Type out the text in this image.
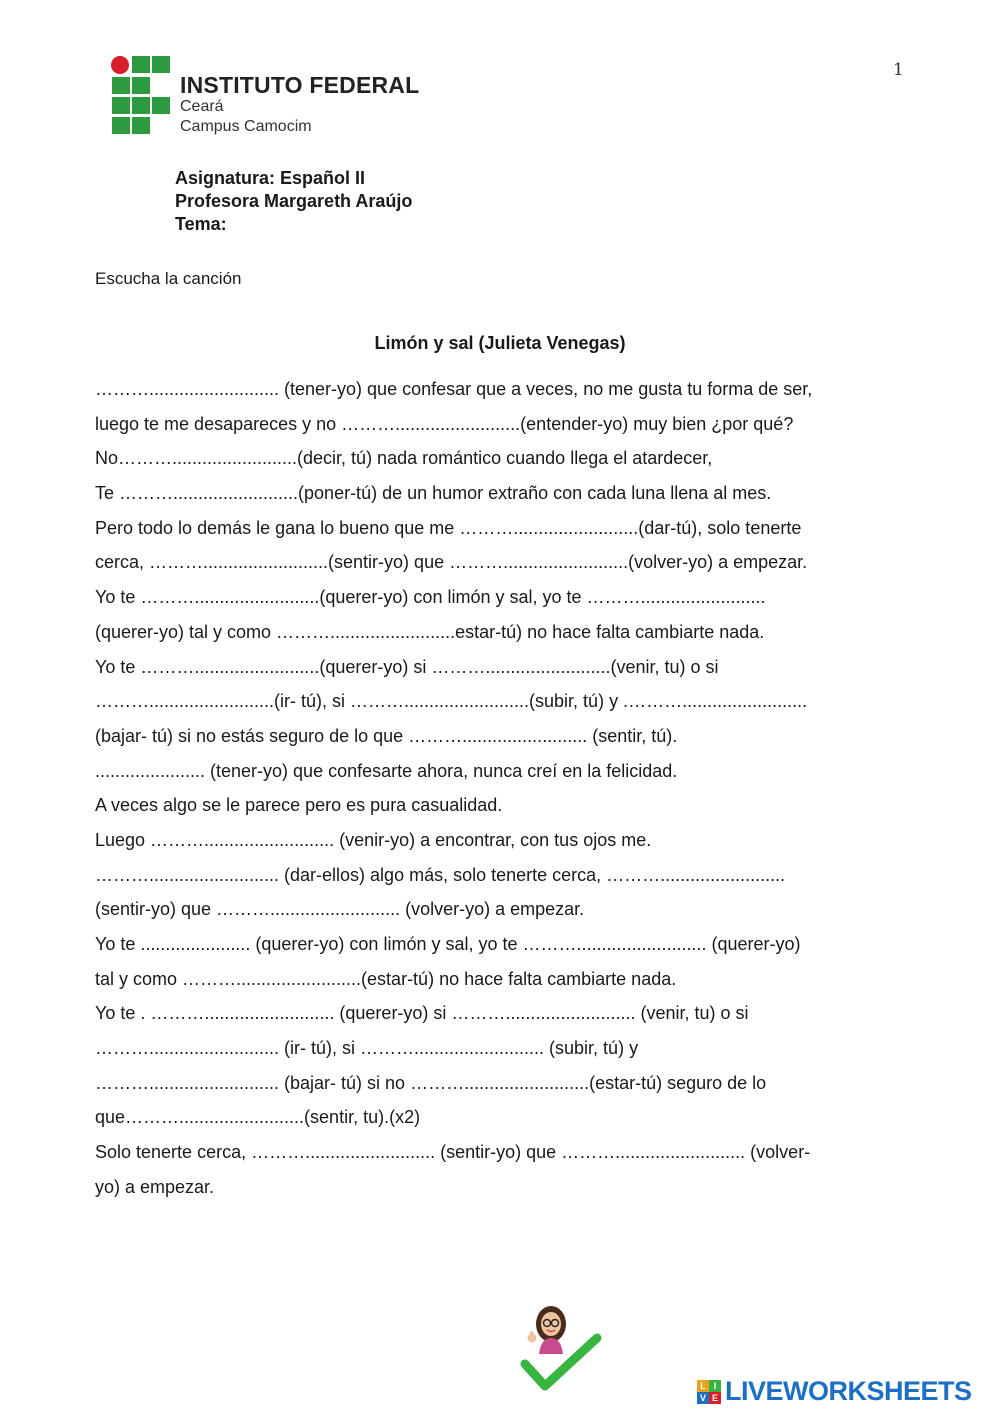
1
INSTITUTO FEDERAL
Ceará
Campus Camocim
Asignatura: Español II
Profesora Margareth Araújo
Tema:
Escucha la canción
Limón y sal (Julieta Venegas)
……….......................... (tener-yo) que confesar que a veces, no me gusta tu forma de ser,
luego te me desapareces y no ……….........................(entender-yo) muy bien ¿por qué?
No……….........................(decir, tú) nada romántico cuando llega el atardecer,
Te ……….........................(poner-tú) de un humor extraño con cada luna llena al mes.
Pero todo lo demás le gana lo bueno que me ……….........................(dar-tú), solo tenerte
cerca, ……….........................(sentir-yo) que ……….........................(volver-yo) a empezar.
Yo te ……….........................(querer-yo) con limón y sal, yo te ……….........................
(querer-yo) tal y como ……….........................estar-tú) no hace falta cambiarte nada.
Yo te ……….........................(querer-yo) si ……….........................(venir, tu) o si
……….........................(ir- tú), si ……….........................(subir, tú) y .……….........................
(bajar- tú) si no estás seguro de lo que ………......................... (sentir, tú).
...................... (tener-yo) que confesarte ahora, nunca creí en la felicidad.
A veces algo se le parece pero es pura casualidad.
Luego ……….......................... (venir-yo) a encontrar, con tus ojos me.
……….......................... (dar-ellos) algo más, solo tenerte cerca, ……….........................
(sentir-yo) que ……….......................... (volver-yo) a empezar.
Yo te ...................... (querer-yo) con limón y sal, yo te ……….......................... (querer-yo)
tal y como ……….........................(estar-tú) no hace falta cambiarte nada.
Yo te . ……….......................... (querer-yo) si ……….......................... (venir, tu) o si
……….......................... (ir- tú), si ……….......................... (subir, tú) y
……….......................... (bajar- tú) si no ……….........................(estar-tú) seguro de lo
que……….........................(sentir, tu).(x2)
Solo tenerte cerca, ……….......................... (sentir-yo) que ……….......................... (volver-
yo) a empezar.
L I
V E LIVEWORKSHEETS
